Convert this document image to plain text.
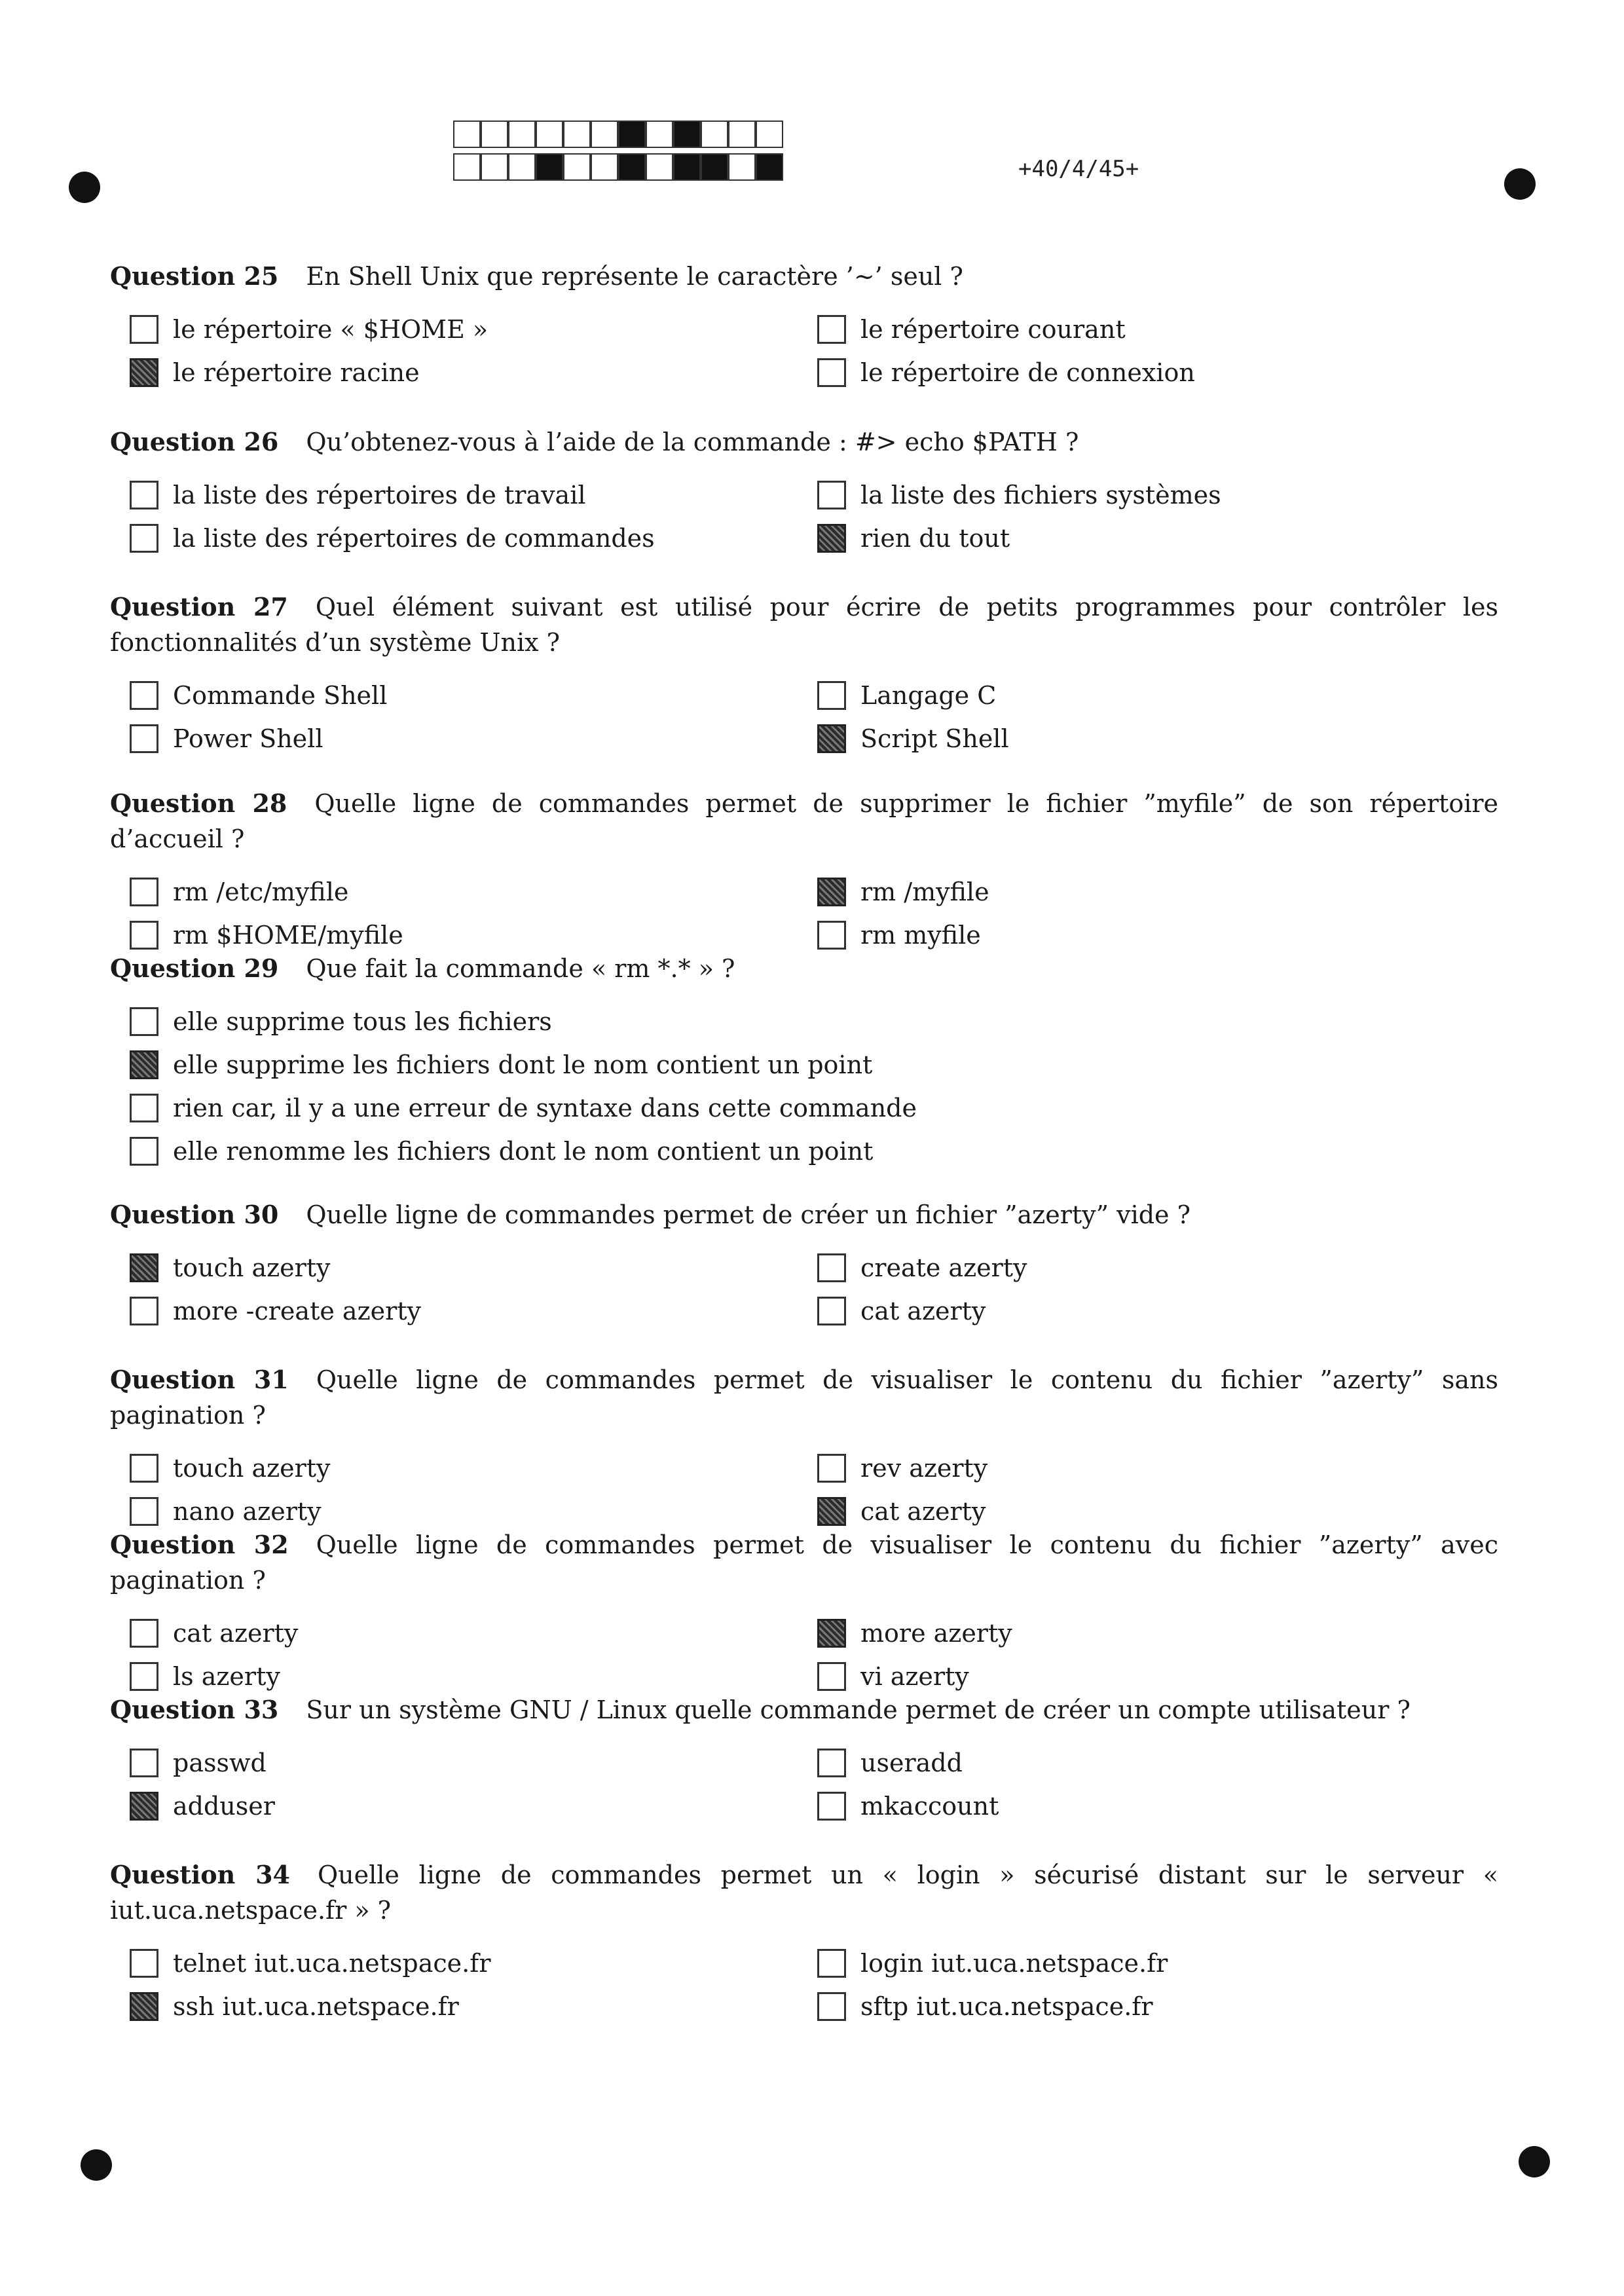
+40/4/45+
Question 25 En Shell Unix que représente le caractère ’∼’ seul ?
le répertoire « $HOME »	le répertoire courant
le répertoire racine	le répertoire de connexion
Question 26 Qu’obtenez-vous à l’aide de la commande : #> echo $PATH ?
la liste des répertoires de travail	la liste des fichiers systèmes
la liste des répertoires de commandes	rien du tout
Question 27 Quel élément suivant est utilisé pour écrire de petits programmes pour contrôler les fonctionnalités d’un système Unix ?
Commande Shell	Langage C
Power Shell	Script Shell
Question 28 Quelle ligne de commandes permet de supprimer le fichier ”myfile” de son répertoire d’accueil ?
rm /etc/myfile	rm /myfile
rm $HOME/myfile	rm myfile
Question 29 Que fait la commande « rm *.* » ?
elle supprime tous les fichiers
elle supprime les fichiers dont le nom contient un point
rien car, il y a une erreur de syntaxe dans cette commande
elle renomme les fichiers dont le nom contient un point
Question 30 Quelle ligne de commandes permet de créer un fichier ”azerty” vide ?
touch azerty	create azerty
more -create azerty	cat azerty
Question 31 Quelle ligne de commandes permet de visualiser le contenu du fichier ”azerty” sans pagination ?
touch azerty	rev azerty
nano azerty	cat azerty
Question 32 Quelle ligne de commandes permet de visualiser le contenu du fichier ”azerty” avec pagination ?
cat azerty	more azerty
ls azerty	vi azerty
Question 33 Sur un système GNU / Linux quelle commande permet de créer un compte utilisateur ?
passwd	useradd
adduser	mkaccount
Question 34 Quelle ligne de commandes permet un « login » sécurisé distant sur le serveur « iut.uca.netspace.fr » ?
telnet iut.uca.netspace.fr	login iut.uca.netspace.fr
ssh iut.uca.netspace.fr	sftp iut.uca.netspace.fr
